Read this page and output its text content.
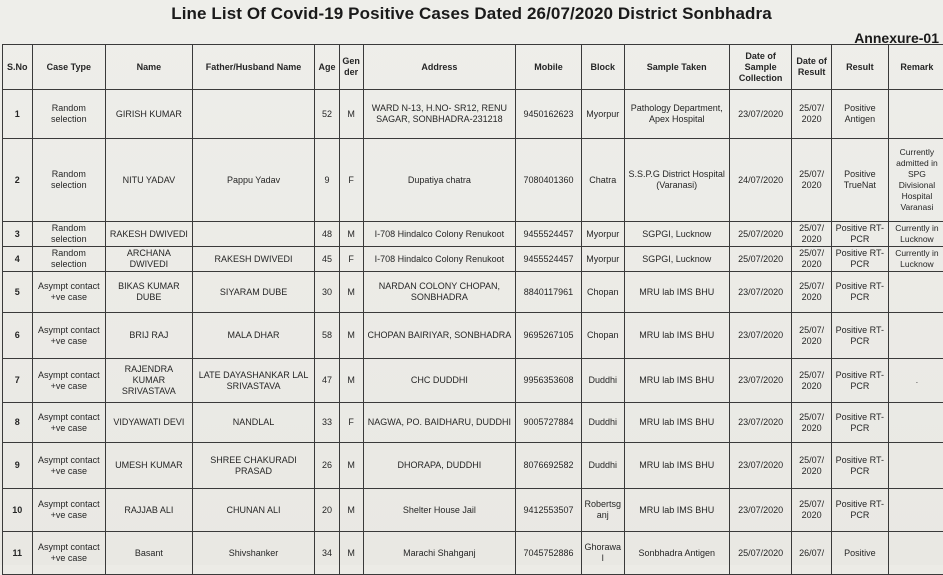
Line List Of Covid-19 Positive Cases Dated 26/07/2020 District Sonbhadra
Annexure-01
S.No	Case Type	Name	Father/Husband Name	Age	Gen der	Address	Mobile	Block	Sample Taken	Date of Sample Collection	Date of Result	Result	Remark
1	Random selection	GIRISH KUMAR		52	M	WARD N-13, H.NO- SR12, RENU SAGAR, SONBHADRA-231218	9450162623	Myorpur	Pathology Department, Apex Hospital	23/07/2020	25/07/ 2020	Positive Antigen	
2	Random selection	NITU YADAV	Pappu Yadav	9	F	Dupatiya chatra	7080401360	Chatra	S.S.P.G District Hospital (Varanasi)	24/07/2020	25/07/ 2020	Positive TrueNat	Currently admitted in SPG Divisional Hospital Varanasi
3	Random selection	RAKESH DWIVEDI		48	M	I-708 Hindalco Colony Renukoot	9455524457	Myorpur	SGPGI, Lucknow	25/07/2020	25/07/ 2020	Positive RT-PCR	Currently in Lucknow
4	Random selection	ARCHANA DWIVEDI	RAKESH DWIVEDI	45	F	I-708 Hindalco Colony Renukoot	9455524457	Myorpur	SGPGI, Lucknow	25/07/2020	25/07/ 2020	Positive RT-PCR	Currently in Lucknow
5	Asympt contact +ve case	BIKAS KUMAR DUBE	SIYARAM DUBE	30	M	NARDAN COLONY CHOPAN, SONBHADRA	8840117961	Chopan	MRU lab IMS BHU	23/07/2020	25/07/ 2020	Positive RT-PCR	
6	Asympt contact +ve case	BRIJ RAJ	MALA DHAR	58	M	CHOPAN BAIRIYAR, SONBHADRA	9695267105	Chopan	MRU lab IMS BHU	23/07/2020	25/07/ 2020	Positive RT-PCR	
7	Asympt contact +ve case	RAJENDRA KUMAR SRIVASTAVA	LATE DAYASHANKAR LAL SRIVASTAVA	47	M	CHC DUDDHI	9956353608	Duddhi	MRU lab IMS BHU	23/07/2020	25/07/ 2020	Positive RT-PCR	.
8	Asympt contact +ve case	VIDYAWATI DEVI	NANDLAL	33	F	NAGWA, PO. BAIDHARU, DUDDHI	9005727884	Duddhi	MRU lab IMS BHU	23/07/2020	25/07/ 2020	Positive RT-PCR	
9	Asympt contact +ve case	UMESH KUMAR	SHREE CHAKURADI PRASAD	26	M	DHORAPA, DUDDHI	8076692582	Duddhi	MRU lab IMS BHU	23/07/2020	25/07/ 2020	Positive RT-PCR	
10	Asympt contact +ve case	RAJJAB ALI	CHUNAN ALI	20	M	Shelter House Jail	9412553507	Robertsg anj	MRU lab IMS BHU	23/07/2020	25/07/ 2020	Positive RT-PCR	
11	Asympt contact +ve case	Basant	Shivshanker	34	M	Marachi Shahganj	7045752886	Ghorawa l	Sonbhadra Antigen	25/07/2020	26/07/	Positive	
